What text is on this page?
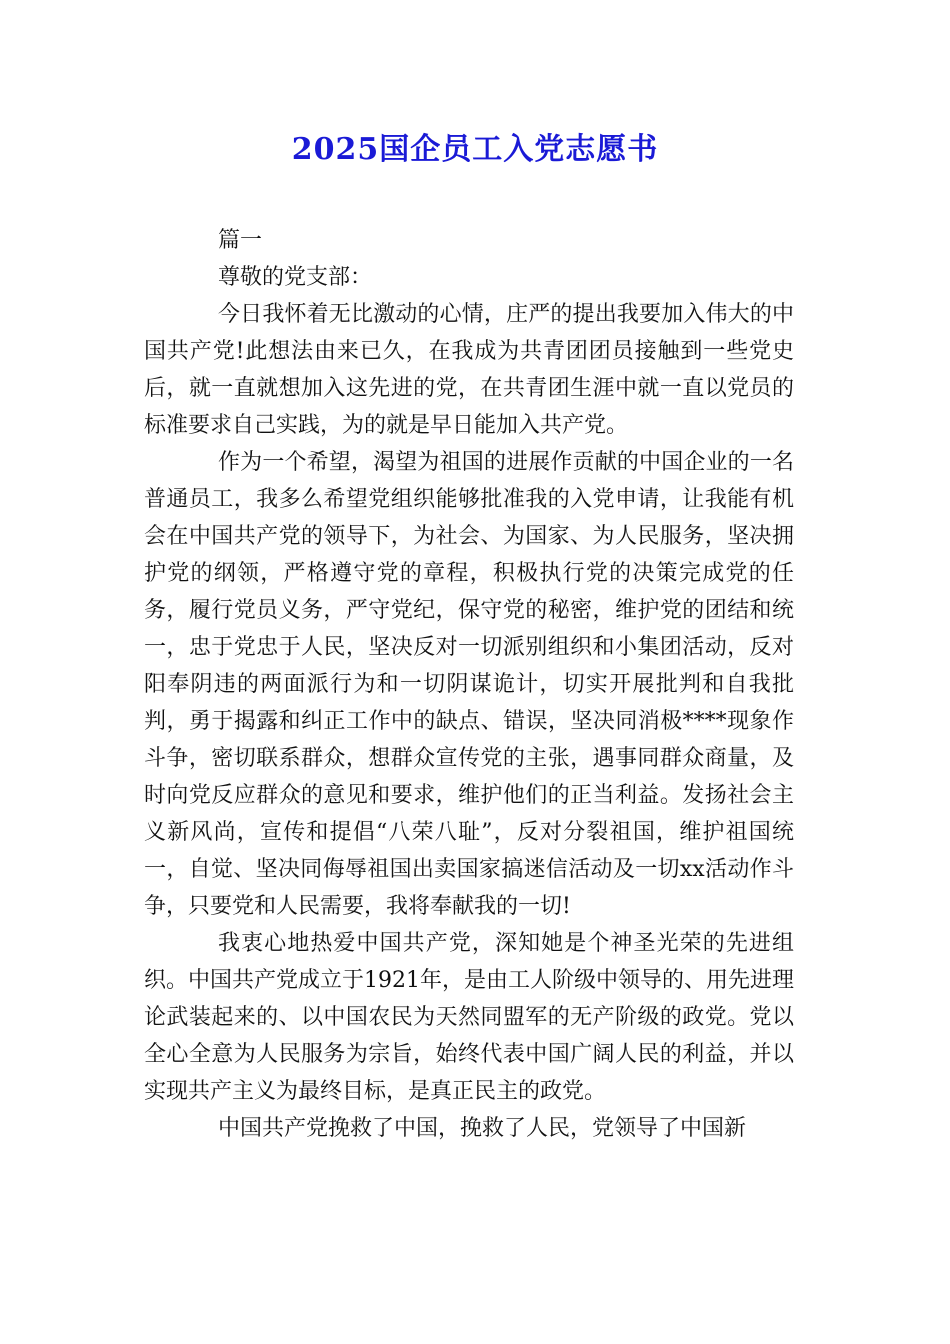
2025国企员工入党志愿书

篇一

尊敬的党支部：

今日我怀着无比激动的心情，庄严的提出我要加入伟大的中国共产党!此想法由来已久，在我成为共青团团员接触到一些党史后，就一直就想加入这先进的党，在共青团生涯中就一直以党员的标准要求自己实践，为的就是早日能加入共产党。

作为一个希望，渴望为祖国的进展作贡献的中国企业的一名普通员工，我多么希望党组织能够批准我的入党申请，让我能有机会在中国共产党的领导下，为社会、为国家、为人民服务，坚决拥护党的纲领，严格遵守党的章程，积极执行党的决策完成党的任务，履行党员义务，严守党纪，保守党的秘密，维护党的团结和统一，忠于党忠于人民，坚决反对一切派别组织和小集团活动，反对阳奉阴违的两面派行为和一切阴谋诡计，切实开展批判和自我批判，勇于揭露和纠正工作中的缺点、错误，坚决同消极****现象作斗争，密切联系群众，想群众宣传党的主张，遇事同群众商量，及时向党反应群众的意见和要求，维护他们的正当利益。发扬社会主义新风尚，宣传和提倡“八荣八耻”，反对分裂祖国，维护祖国统一，自觉、坚决同侮辱祖国出卖国家搞迷信活动及一切xx活动作斗争，只要党和人民需要，我将奉献我的一切!

我衷心地热爱中国共产党，深知她是个神圣光荣的先进组织。中国共产党成立于1921年，是由工人阶级中领导的、用先进理论武装起来的、以中国农民为天然同盟军的无产阶级的政党。党以全心全意为人民服务为宗旨，始终代表中国广阔人民的利益，并以实现共产主义为最终目标，是真正民主的政党。

中国共产党挽救了中国，挽救了人民，党领导了中国新
